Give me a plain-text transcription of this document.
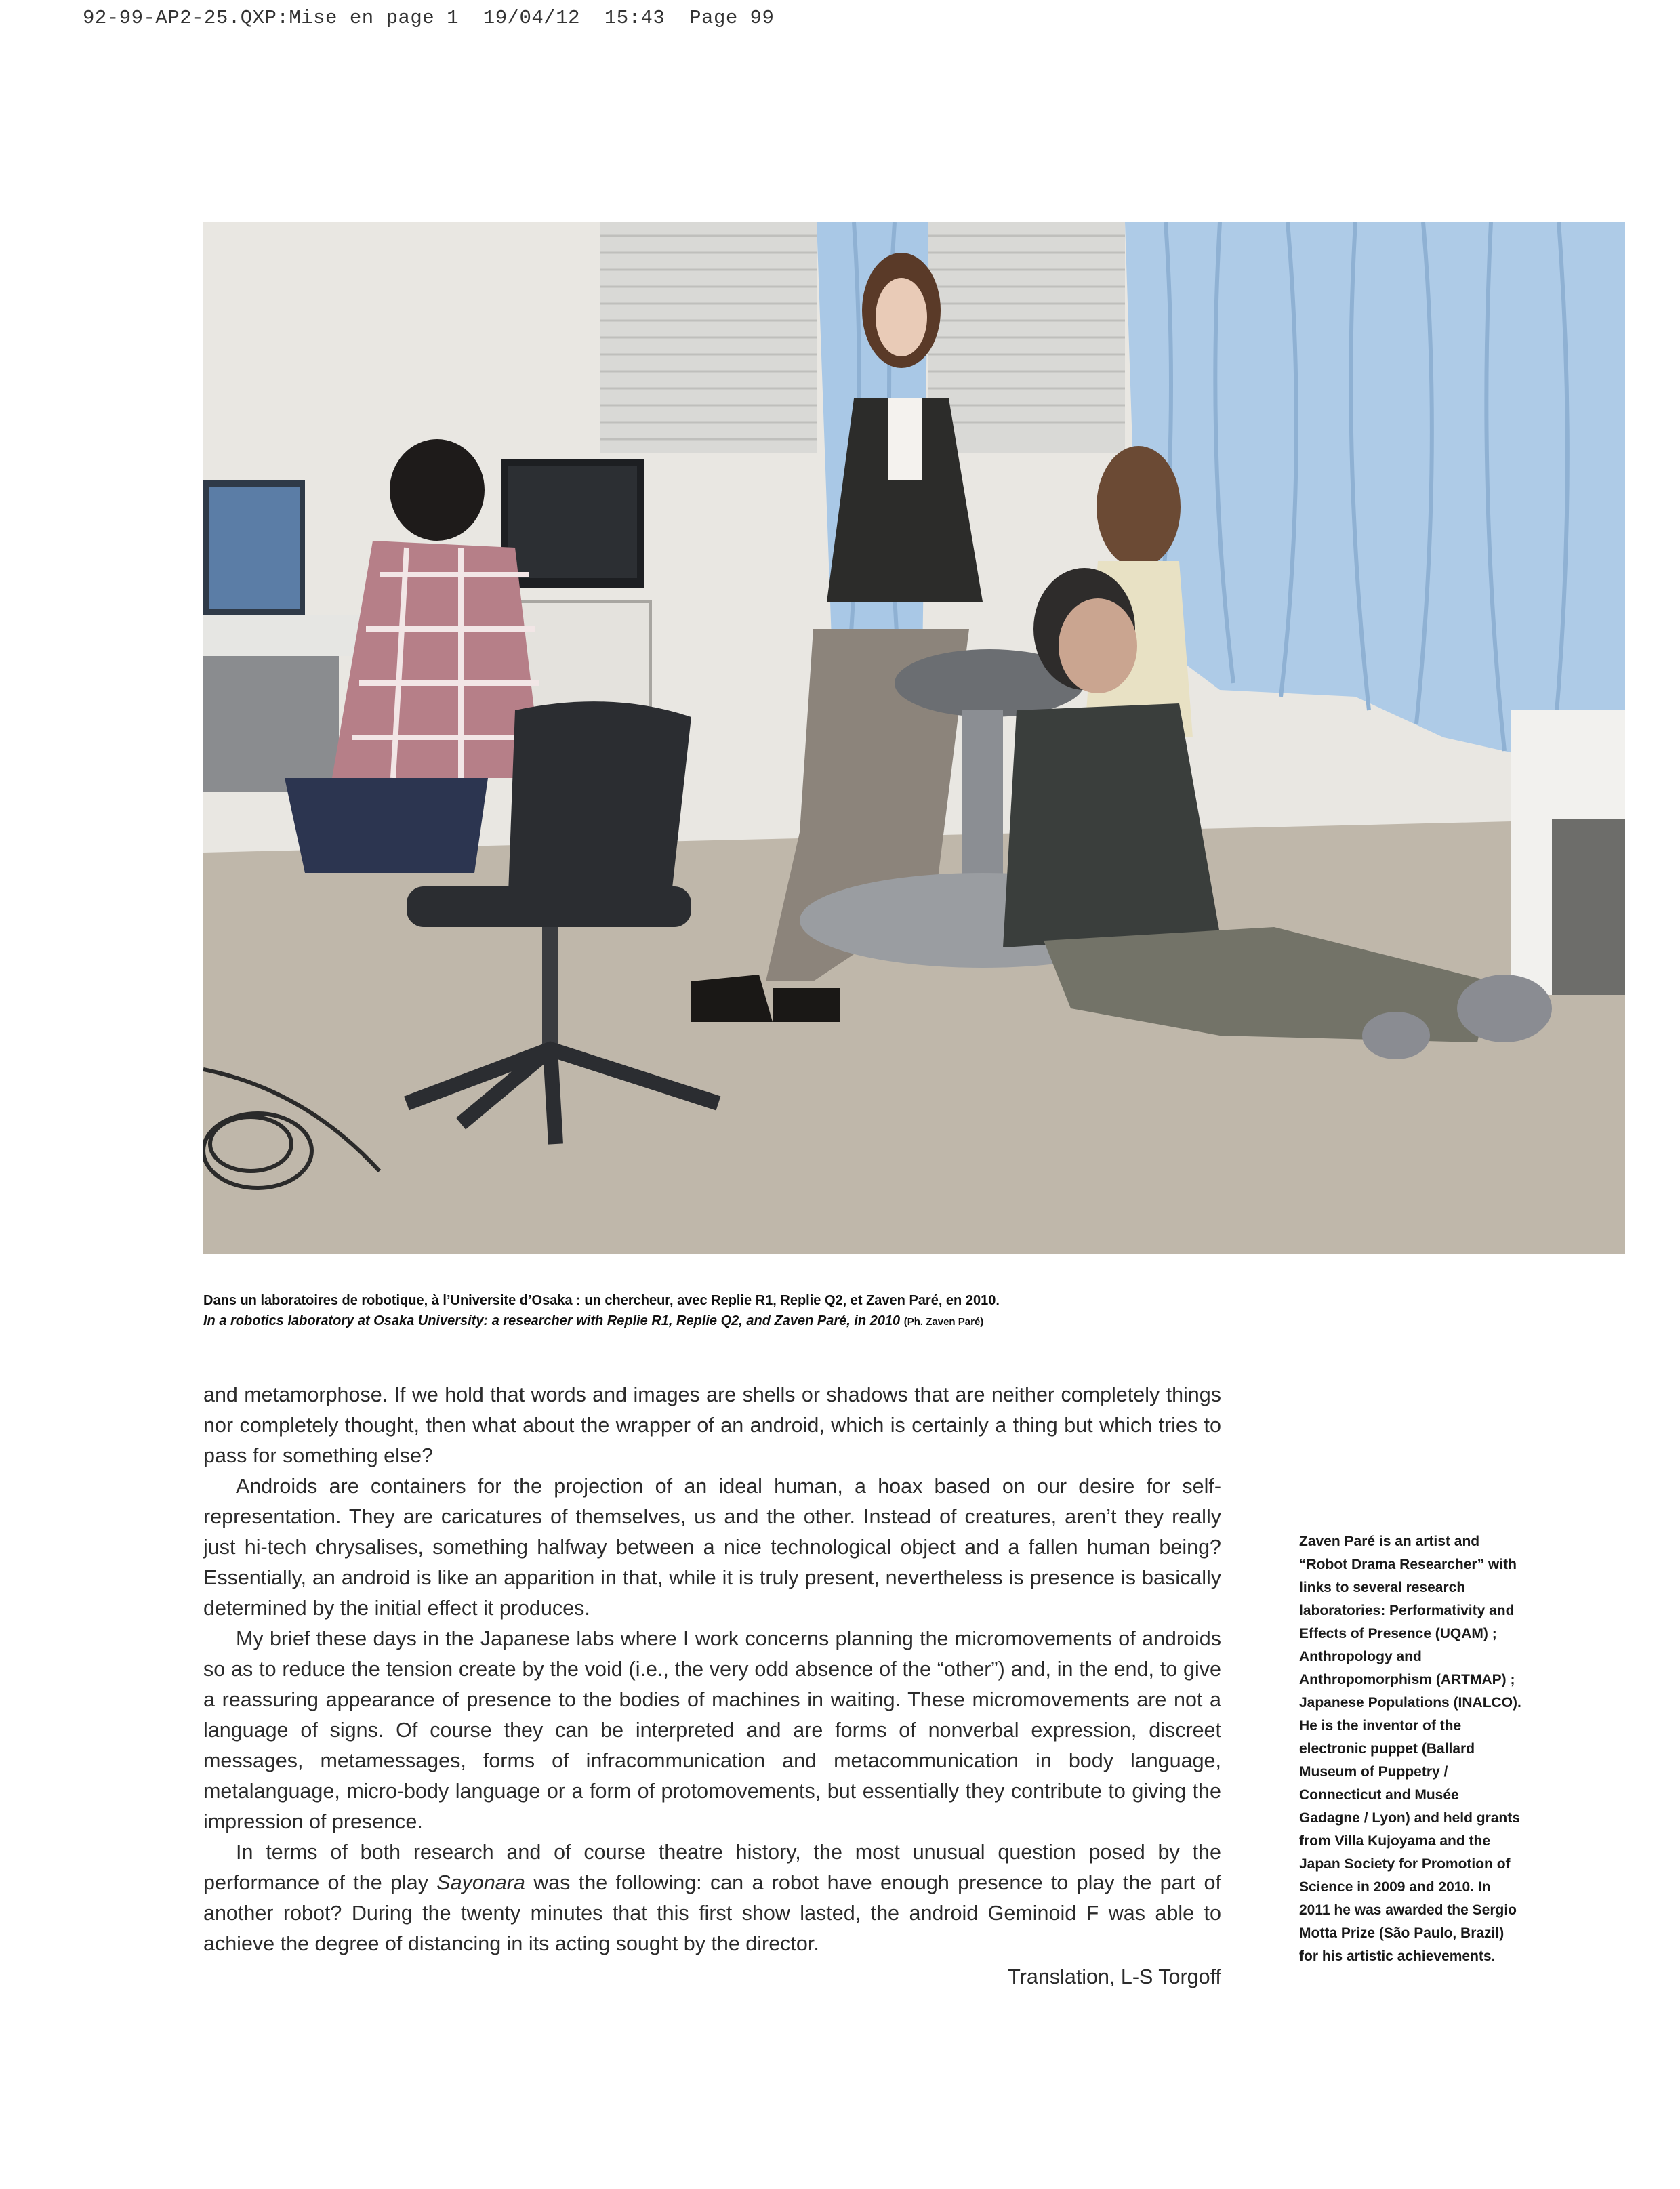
92-99-AP2-25.QXP:Mise en page 1  19/04/12  15:43  Page 99
Dans un laboratoires de robotique, à l’Universite d’Osaka : un chercheur, avec Replie R1, Replie Q2, et Zaven Paré, en 2010.
In a robotics laboratory at Osaka University: a researcher with Replie R1, Replie Q2, and Zaven Paré, in 2010 (Ph. Zaven Paré)

and metamorphose. If we hold that words and images are shells or shadows that are neither completely things nor completely thought, then what about the wrapper of an android, which is certainly a thing but which tries to pass for something else?

Androids are containers for the projection of an ideal human, a hoax based on our desire for self-representation. They are caricatures of themselves, us and the other. Instead of creatures, aren’t they really just hi-tech chrysalises, something halfway between a nice technological object and a fallen human being? Essentially, an android is like an apparition in that, while it is truly present, nevertheless is presence is basically determined by the initial effect it produces.

My brief these days in the Japanese labs where I work concerns planning the micromovements of androids so as to reduce the tension create by the void (i.e., the very odd absence of the “other”) and, in the end, to give a reassuring appearance of presence to the bodies of machines in waiting. These micromovements are not a language of signs. Of course they can be interpreted and are forms of nonverbal expression, discreet messages, metamessages, forms of infracommunication and metacommunication in body language, metalanguage, micro-body language or a form of protomovements, but essentially they contribute to giving the impression of presence.

In terms of both research and of course theatre history, the most unusual question posed by the performance of the play Sayonara was the following: can a robot have enough presence to play the part of another robot? During the twenty minutes that this first show lasted, the android Geminoid F was able to achieve the degree of distancing in its acting sought by the director.

Translation, L-S Torgoff

Zaven Paré is an artist and “Robot Drama Researcher” with links to several research laboratories: Performativity and Effects of Presence (UQAM) ; Anthropology and Anthropomorphism (ARTMAP) ; Japanese Populations (INALCO). He is the inventor of the electronic puppet (Ballard Museum of Puppetry / Connecticut and Musée Gadagne / Lyon) and held grants from Villa Kujoyama and the Japan Society for Promotion of Science in 2009 and 2010. In 2011 he was awarded the Sergio Motta Prize (São Paulo, Brazil) for his artistic achievements.
